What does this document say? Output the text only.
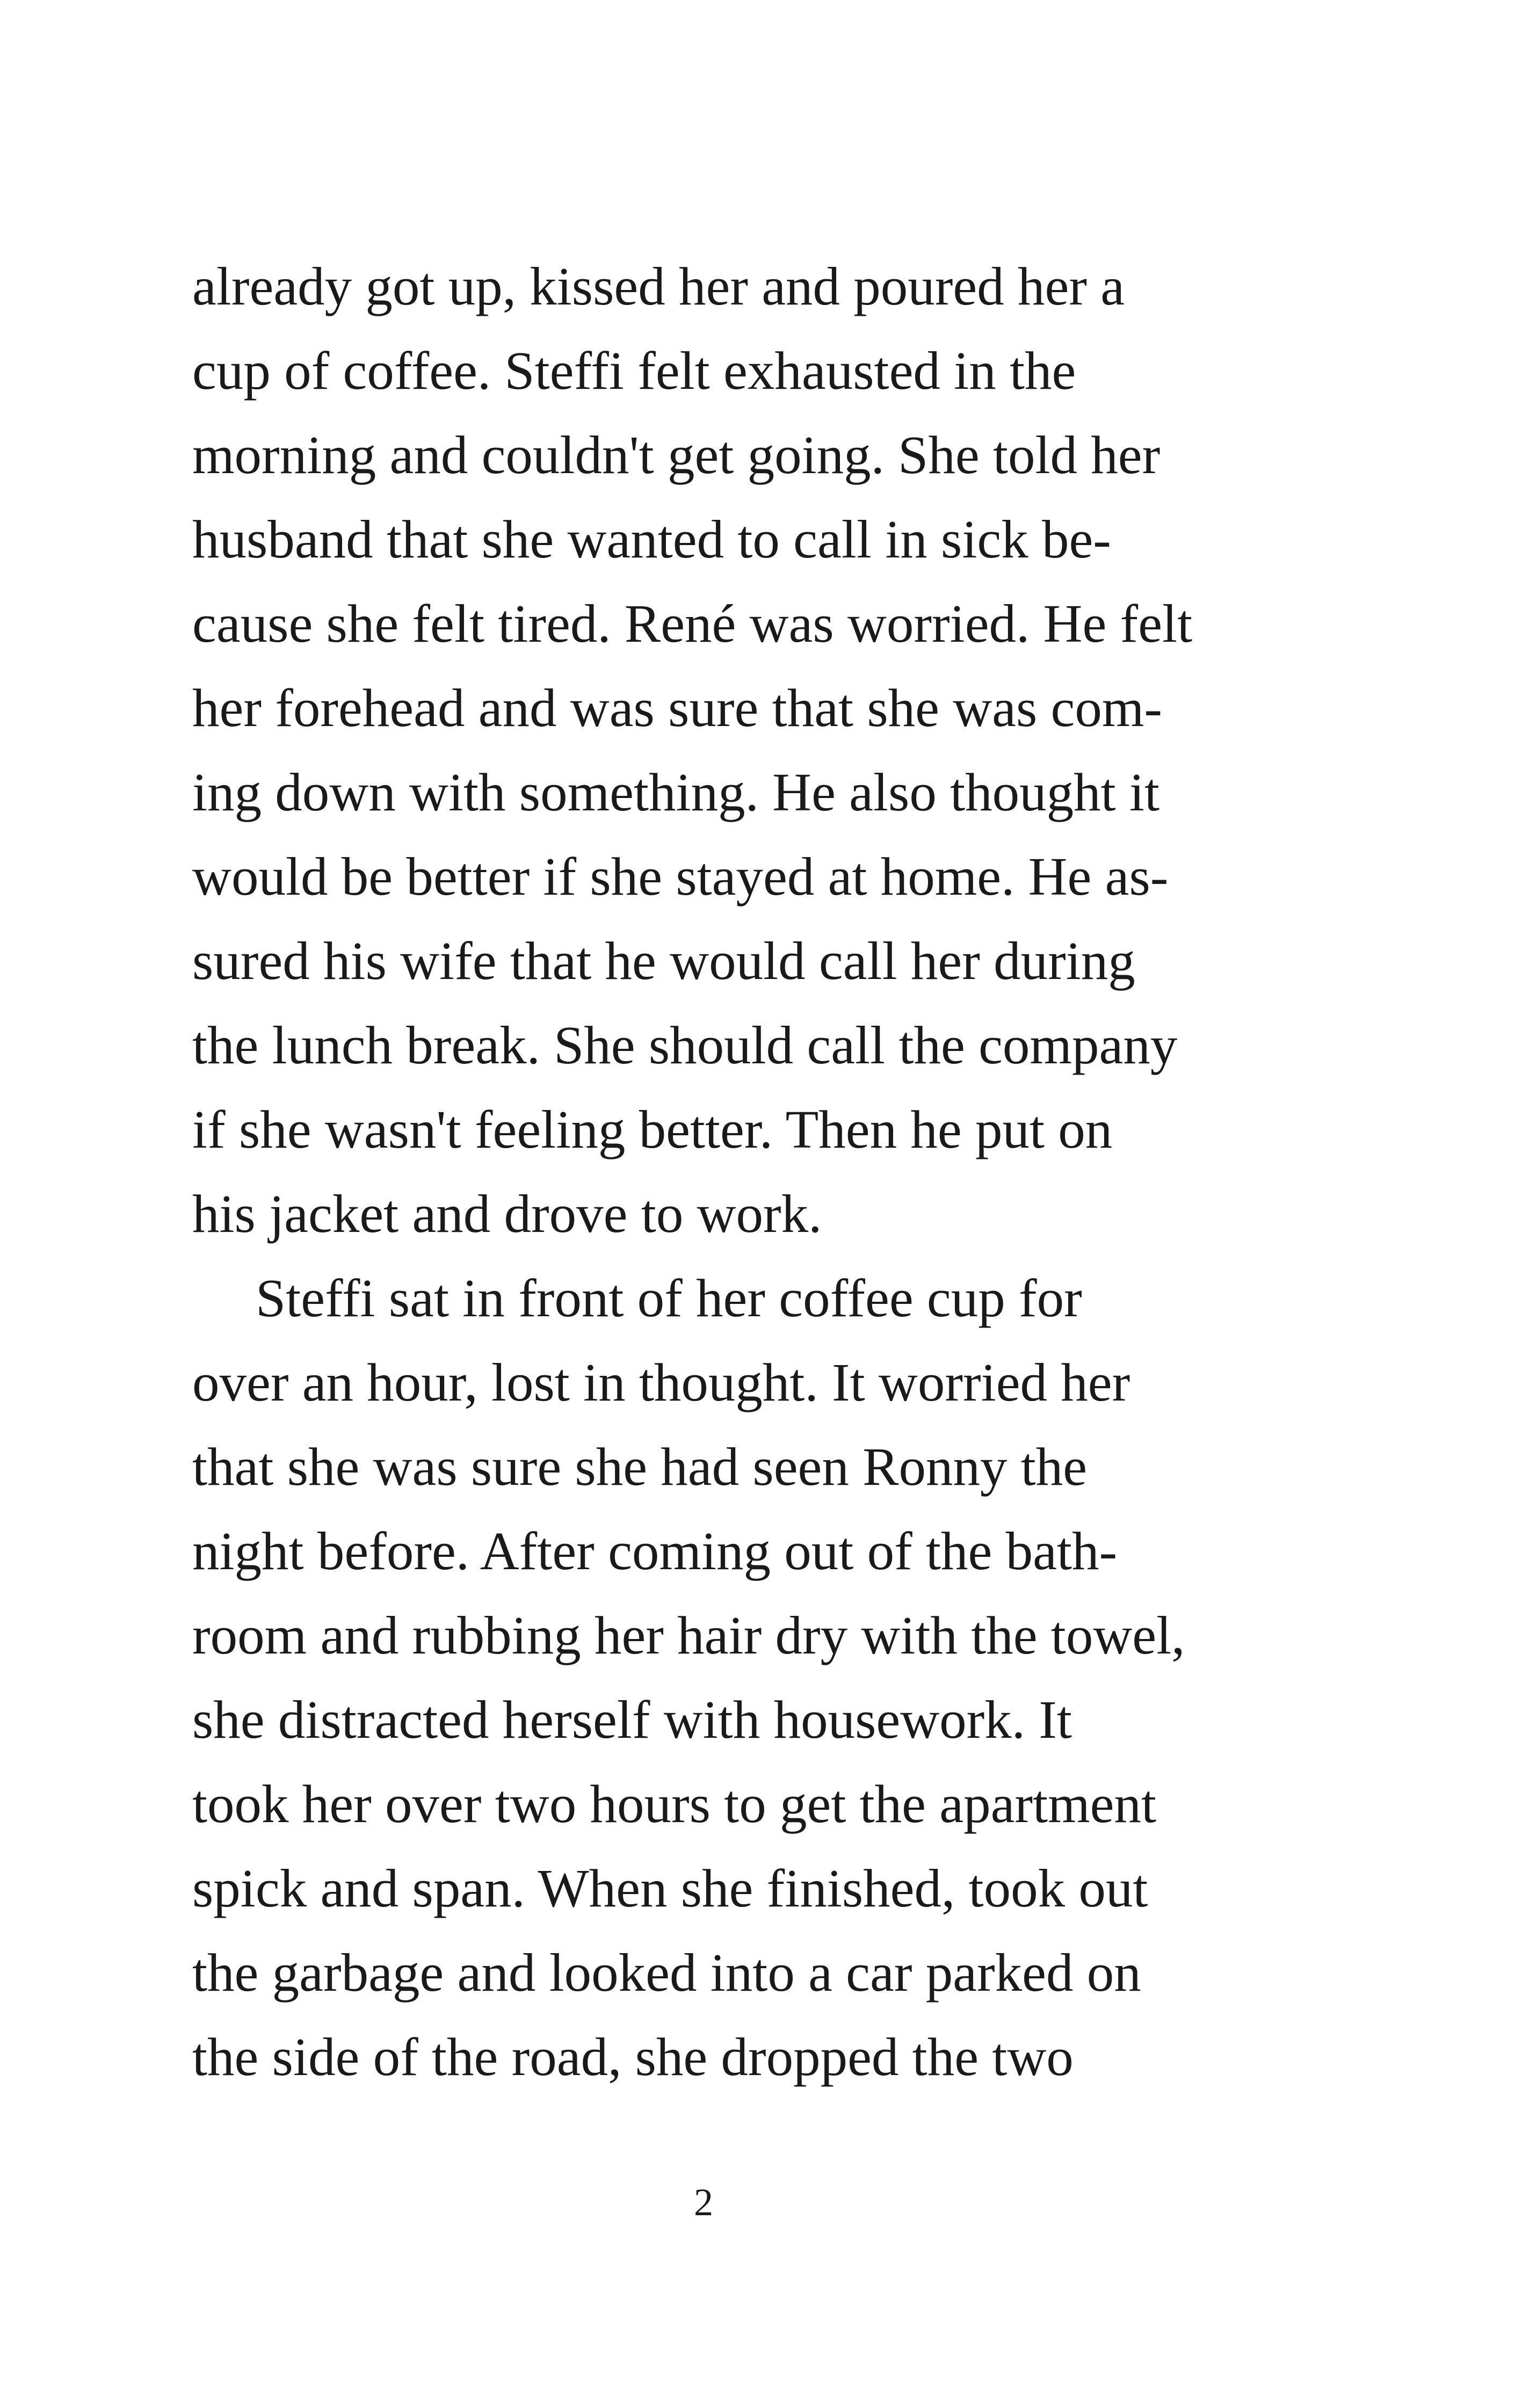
already got up, kissed her and poured her a
cup of coffee. Steffi felt exhausted in the
morning and couldn't get going. She told her
husband that she wanted to call in sick be-
cause she felt tired. René was worried. He felt
her forehead and was sure that she was com-
ing down with something. He also thought it
would be better if she stayed at home. He as-
sured his wife that he would call her during
the lunch break. She should call the company
if she wasn't feeling better. Then he put on
his jacket and drove to work.
Steffi sat in front of her coffee cup for
over an hour, lost in thought. It worried her
that she was sure she had seen Ronny the
night before. After coming out of the bath-
room and rubbing her hair dry with the towel,
she distracted herself with housework. It
took her over two hours to get the apartment
spick and span. When she finished, took out
the garbage and looked into a car parked on
the side of the road, she dropped the two
2
